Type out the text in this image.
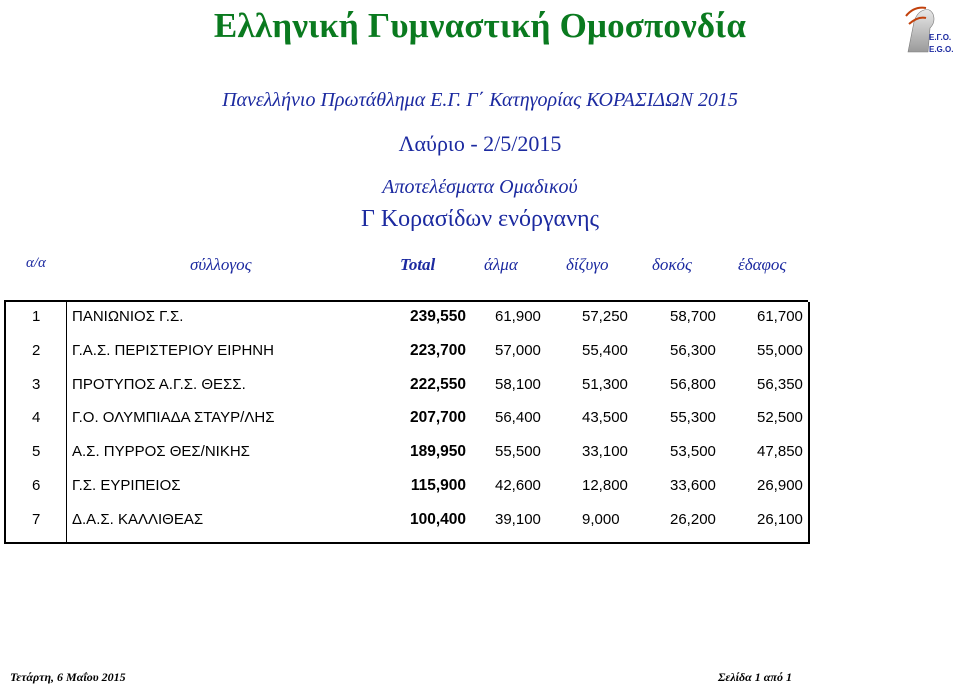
Ελληνική Γυμναστική Ομοσπονδία	Ε.Γ.Ο.
E.G.O.
Πανελλήνιο Πρωτάθλημα Ε.Γ. Γ΄ Κατηγορίας ΚΟΡΑΣΙΔΩΝ 2015
Λαύριο - 2/5/2015
Αποτελέσματα Ομαδικού
Γ Κορασίδων ενόργανης
α/α	σύλλογος	Total	άλμα	δίζυγο	δοκός	έδαφος
1 ΠΑΝΙΩΝΙΟΣ Γ.Σ.	239,550 61,900	57,250	58,700	61,700
2 Γ.Α.Σ. ΠΕΡΙΣΤΕΡΙΟΥ ΕΙΡΗΝΗ	223,700 57,000	55,400	56,300	55,000
3 ΠΡΟΤΥΠΟΣ Α.Γ.Σ. ΘΕΣΣ.	222,550 58,100	51,300	56,800	56,350
4 Γ.Ο. ΟΛΥΜΠΙΑΔΑ ΣΤΑΥΡ/ΛΗΣ	207,700 56,400	43,500	55,300	52,500
5 Α.Σ. ΠΥΡΡΟΣ ΘΕΣ/ΝΙΚΗΣ	189,950 55,500	33,100	53,500	47,850
6 Γ.Σ. ΕΥΡΙΠΕΙΟΣ	115,900 42,600	12,800	33,600	26,900
7 Δ.Α.Σ. ΚΑΛΛΙΘΕΑΣ	100,400 39,100	9,000	26,200	26,100
Τετάρτη, 6 Μαΐου 2015	Σελίδα 1 από 1
